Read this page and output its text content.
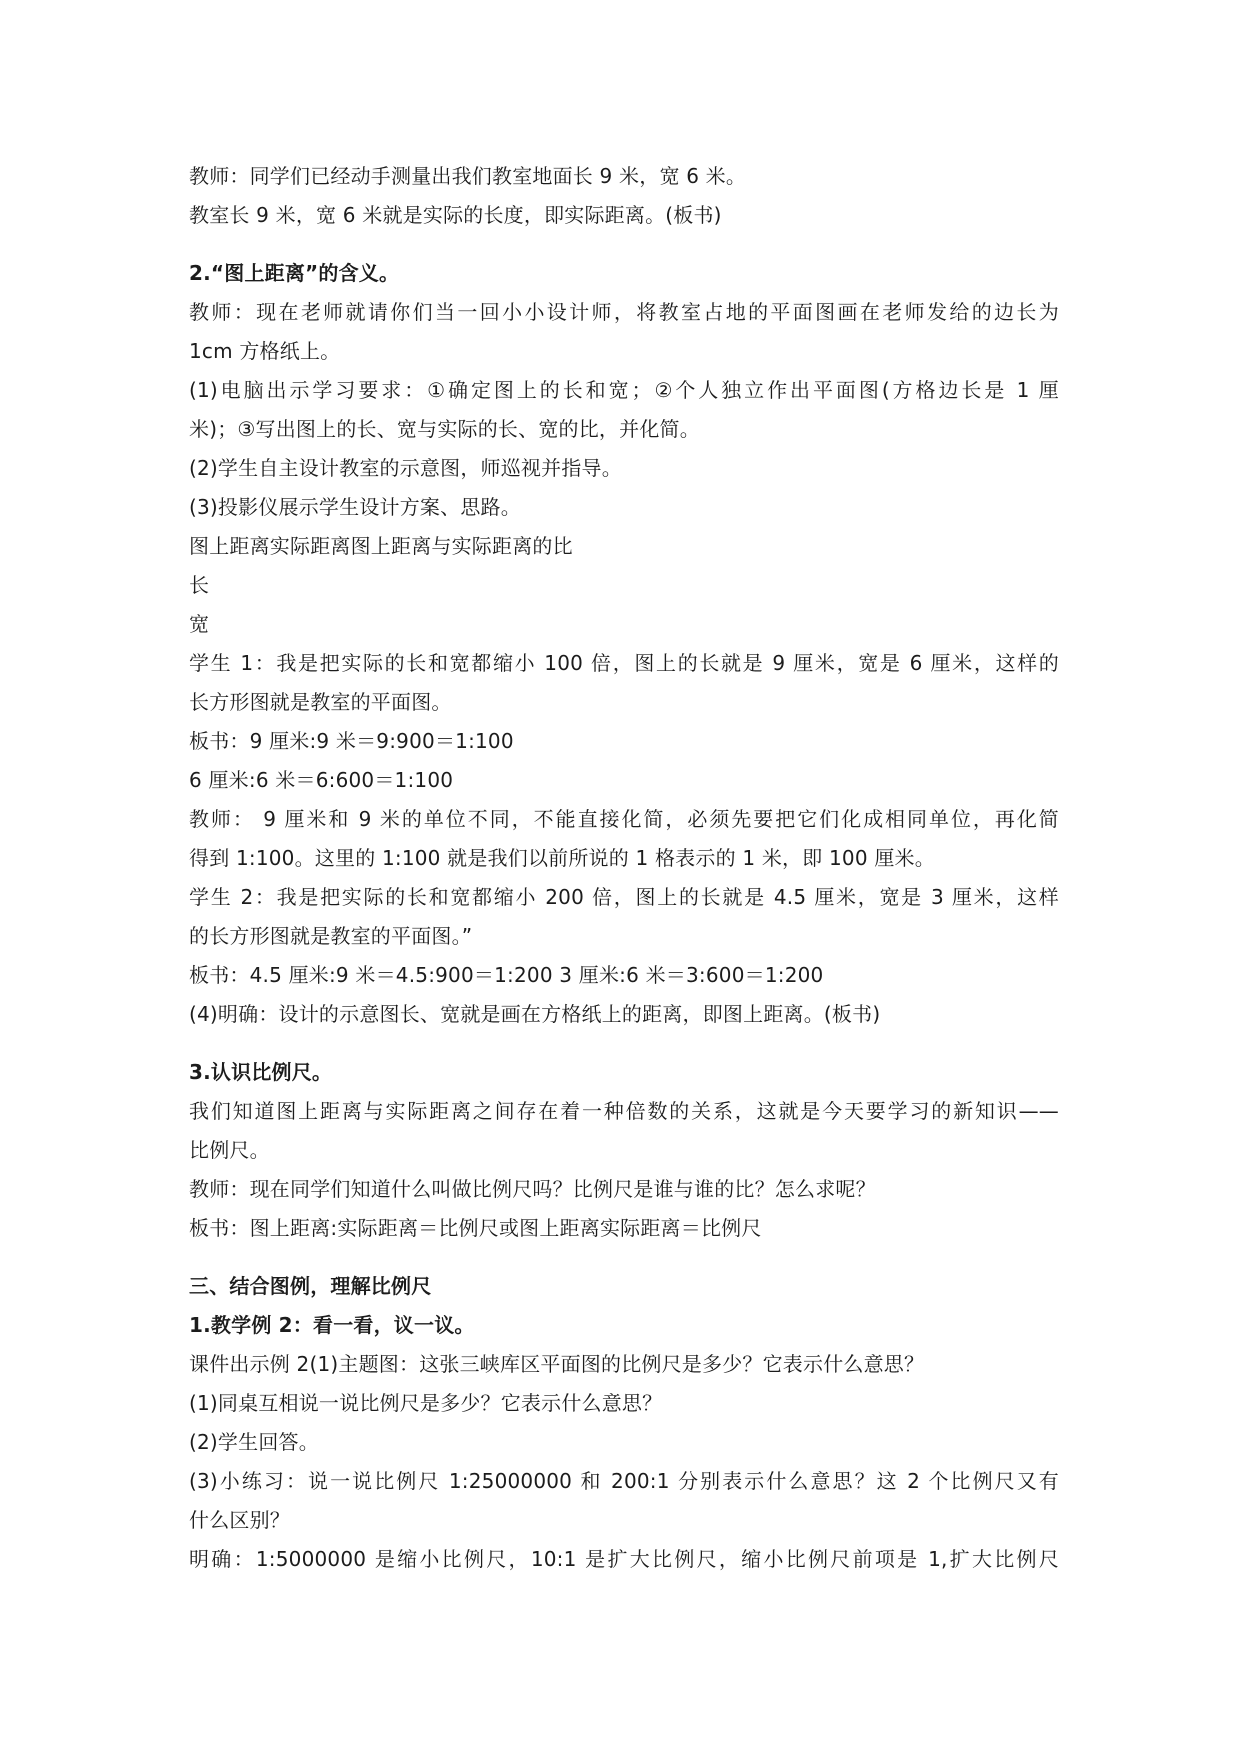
教师：同学们已经动手测量出我们教室地面长 9 米，宽 6 米。
教室长 9 米，宽 6 米就是实际的长度，即实际距离。(板书)
2.“图上距离”的含义。
教师：现在老师就请你们当一回小小设计师，将教室占地的平面图画在老师发给的边长为
1cm 方格纸上。
(1)电脑出示学习要求：①确定图上的长和宽；②个人独立作出平面图(方格边长是 1 厘
米)；③写出图上的长、宽与实际的长、宽的比，并化简。
(2)学生自主设计教室的示意图，师巡视并指导。
(3)投影仪展示学生设计方案、思路。
图上距离实际距离图上距离与实际距离的比
长
宽
学生 1：我是把实际的长和宽都缩小 100 倍，图上的长就是 9 厘米，宽是 6 厘米，这样的
长方形图就是教室的平面图。
板书：9 厘米:9 米＝9:900＝1:100
6 厘米:6 米＝6:600＝1:100
教师： 9 厘米和 9 米的单位不同，不能直接化简，必须先要把它们化成相同单位，再化简
得到 1:100。这里的 1:100 就是我们以前所说的 1 格表示的 1 米，即 100 厘米。
学生 2：我是把实际的长和宽都缩小 200 倍，图上的长就是 4.5 厘米，宽是 3 厘米，这样
的长方形图就是教室的平面图。”
板书：4.5 厘米:9 米＝4.5:900＝1:200 3 厘米:6 米＝3:600＝1:200
(4)明确：设计的示意图长、宽就是画在方格纸上的距离，即图上距离。(板书)
3.认识比例尺。
我们知道图上距离与实际距离之间存在着一种倍数的关系，这就是今天要学习的新知识——
比例尺。
教师：现在同学们知道什么叫做比例尺吗？比例尺是谁与谁的比？怎么求呢？
板书：图上距离:实际距离＝比例尺或图上距离实际距离＝比例尺
三、结合图例，理解比例尺
1.教学例 2：看一看，议一议。
课件出示例 2(1)主题图：这张三峡库区平面图的比例尺是多少？它表示什么意思？
(1)同桌互相说一说比例尺是多少？它表示什么意思？
(2)学生回答。
(3)小练习：说一说比例尺 1:25000000 和 200:1 分别表示什么意思？这 2 个比例尺又有
什么区别？
明确：1:5000000 是缩小比例尺，10:1 是扩大比例尺，缩小比例尺前项是 1,扩大比例尺
